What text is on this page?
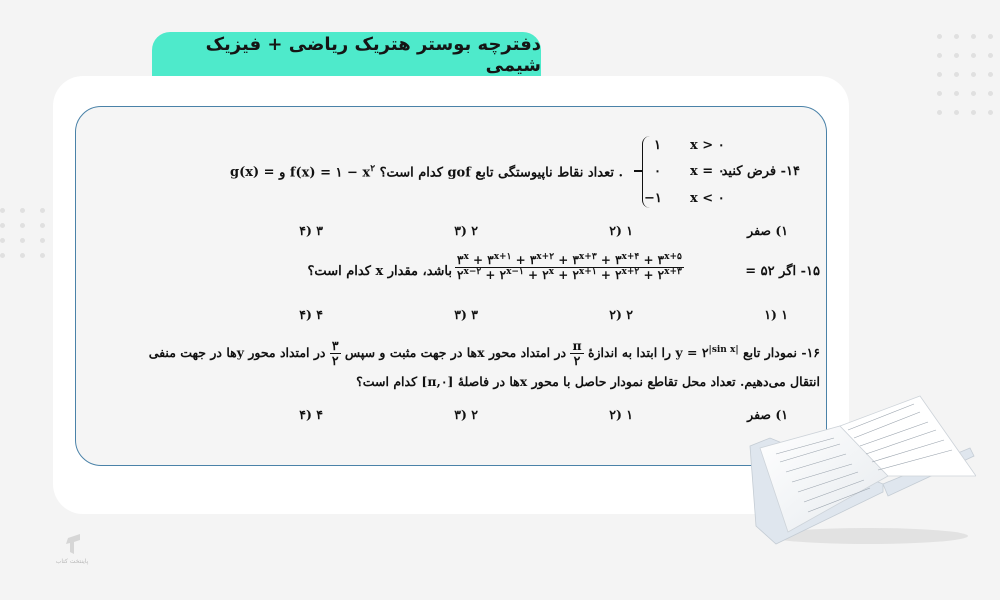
دفترچه بوستر هتریک ریاضی + فیزیک شیمی
۱ x > ۰
۰ x = ۰
−۱ x < ۰
۱۴- فرض کنید
. تعداد نقاط ناپیوستگی تابع gof کدام است؟ f(x) = ۱ − $x^۲$ و g(x) =
۱) صفر
۱ (۲
۲ (۳
۳ (۴
۱۵- اگر ۵۲ =
$\frac{۳^x + ۳^{x+۱} + ۳^{x+۲} + ۳^{x+۳} + ۳^{x+۴} + ۳^{x+۵}}{۲^{x-۲} + ۲^{x-۱} + ۲^x + ۲^{x+۱} + ۲^{x+۲} + ۲^{x+۳}}$
باشد، مقدار x کدام است؟
۱ (۱
۲ (۲
۳ (۳
۴ (۴
۱۶- نمودار تابع $y = ۲^{|sin x|}$ را ابتدا به اندازهٔ
$\frac{\pi}{۲}$
در امتداد محور xها در جهت مثبت و سپس
$\frac{۳}{۲}$
در امتداد محور yها در جهت منفی
انتقال می‌دهیم. تعداد محل تقاطع نمودار حاصل با محور xها در فاصلهٔ [۰,π] کدام است؟
۱) صفر
۱ (۲
۲ (۳
۴ (۴
پاینتخت کتاب
